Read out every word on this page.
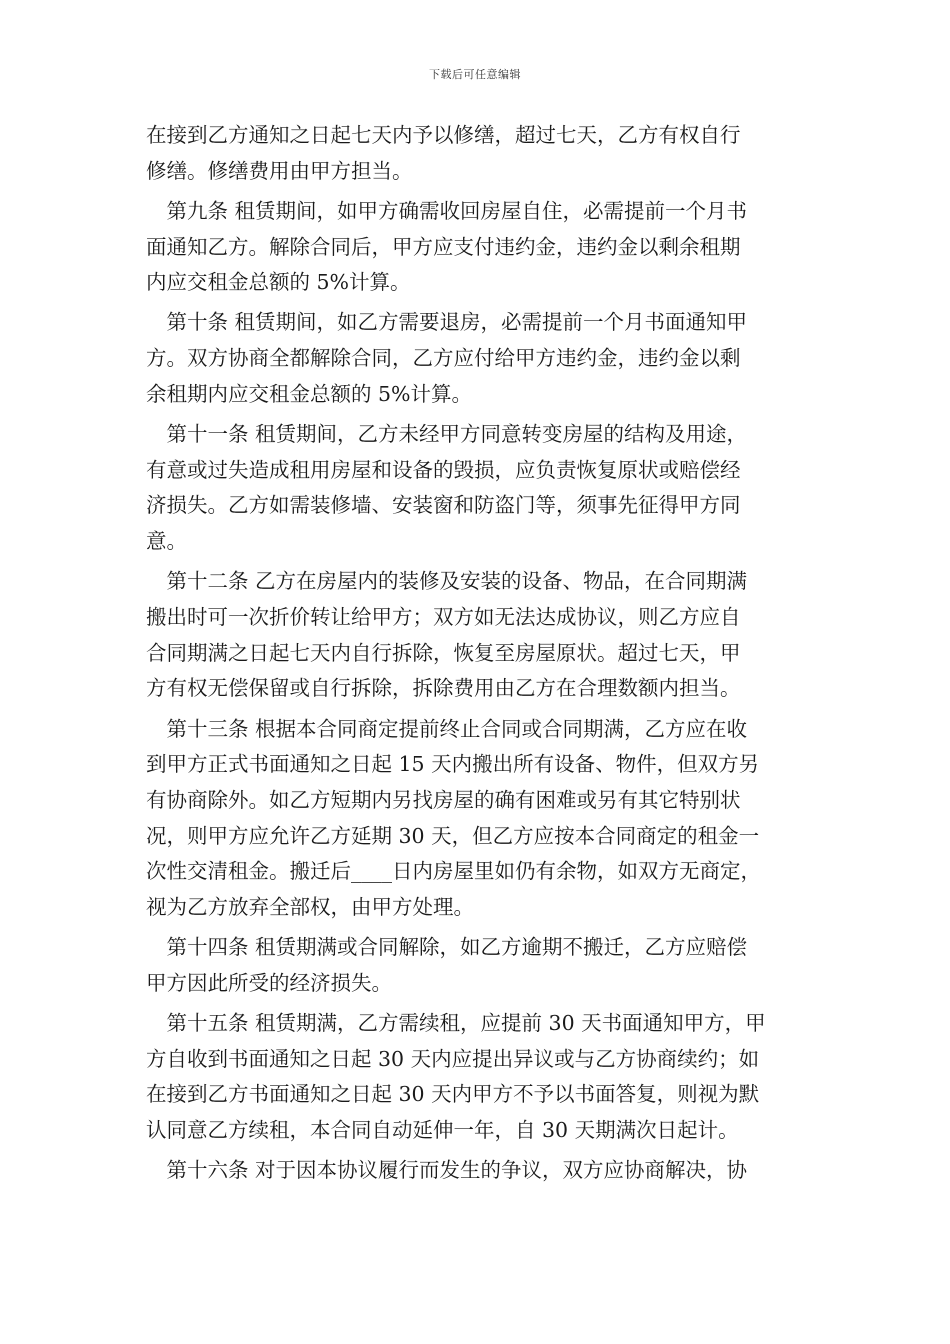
下载后可任意编辑
在接到乙方通知之日起七天内予以修缮，超过七天，乙方有权自行
修缮。修缮费用由甲方担当。
　第九条 租赁期间，如甲方确需收回房屋自住，必需提前一个月书
面通知乙方。解除合同后，甲方应支付违约金，违约金以剩余租期
内应交租金总额的 5%计算。
　第十条 租赁期间，如乙方需要退房，必需提前一个月书面通知甲
方。双方协商全都解除合同，乙方应付给甲方违约金，违约金以剩
余租期内应交租金总额的 5%计算。
　第十一条 租赁期间，乙方未经甲方同意转变房屋的结构及用途，
有意或过失造成租用房屋和设备的毁损，应负责恢复原状或赔偿经
济损失。乙方如需装修墙、安装窗和防盗门等，须事先征得甲方同
意。
　第十二条 乙方在房屋内的装修及安装的设备、物品，在合同期满
搬出时可一次折价转让给甲方；双方如无法达成协议，则乙方应自
合同期满之日起七天内自行拆除，恢复至房屋原状。超过七天，甲
方有权无偿保留或自行拆除，拆除费用由乙方在合理数额内担当。
　第十三条 根据本合同商定提前终止合同或合同期满，乙方应在收
到甲方正式书面通知之日起 15 天内搬出所有设备、物件，但双方另
有协商除外。如乙方短期内另找房屋的确有困难或另有其它特别状
况，则甲方应允许乙方延期 30 天，但乙方应按本合同商定的租金一
次性交清租金。搬迁后____日内房屋里如仍有余物，如双方无商定，
视为乙方放弃全部权，由甲方处理。
　第十四条 租赁期满或合同解除，如乙方逾期不搬迁，乙方应赔偿
甲方因此所受的经济损失。
　第十五条 租赁期满，乙方需续租，应提前 30 天书面通知甲方，甲
方自收到书面通知之日起 30 天内应提出异议或与乙方协商续约；如
在接到乙方书面通知之日起 30 天内甲方不予以书面答复，则视为默
认同意乙方续租，本合同自动延伸一年，自 30 天期满次日起计。
　第十六条 对于因本协议履行而发生的争议，双方应协商解决，协
